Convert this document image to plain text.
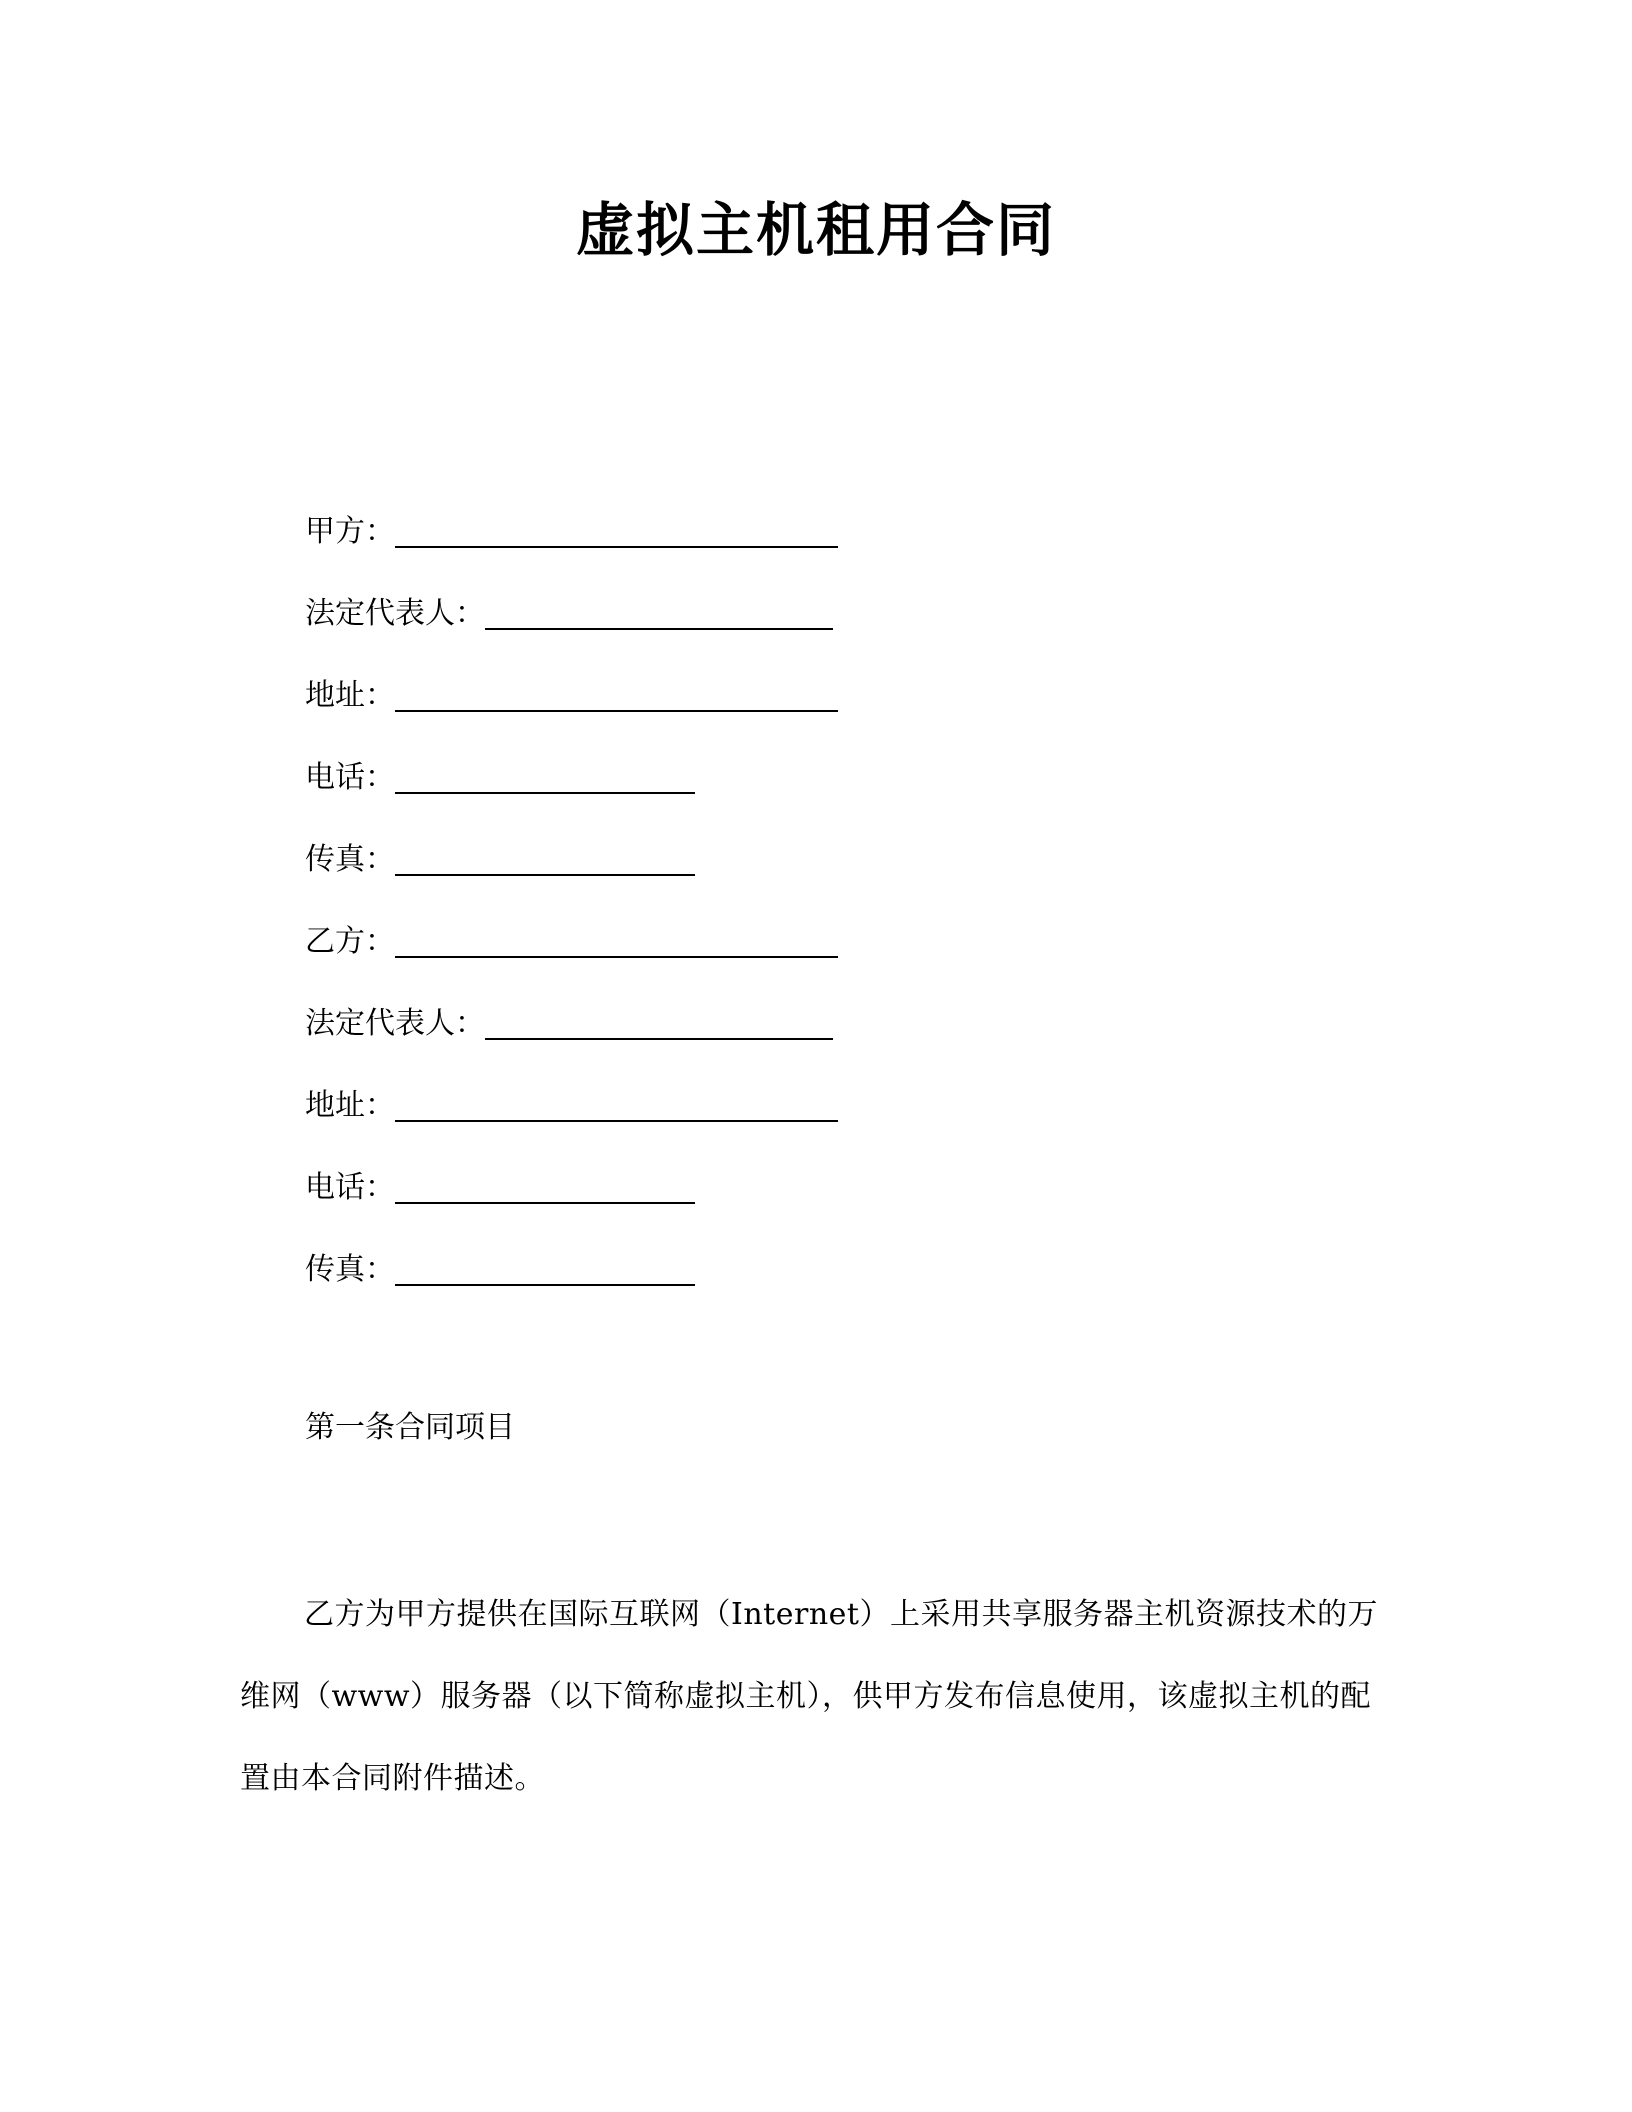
虚拟主机租用合同
甲方：
法定代表人：
地址：
电话：
传真：
乙方：
法定代表人：
地址：
电话：
传真：
第一条合同项目
乙方为甲方提供在国际互联网（Internet）上采用共享服务器主机资源技术的万维网（www）服务器（以下简称虚拟主机），供甲方发布信息使用，该虚拟主机的配置由本合同附件描述。
